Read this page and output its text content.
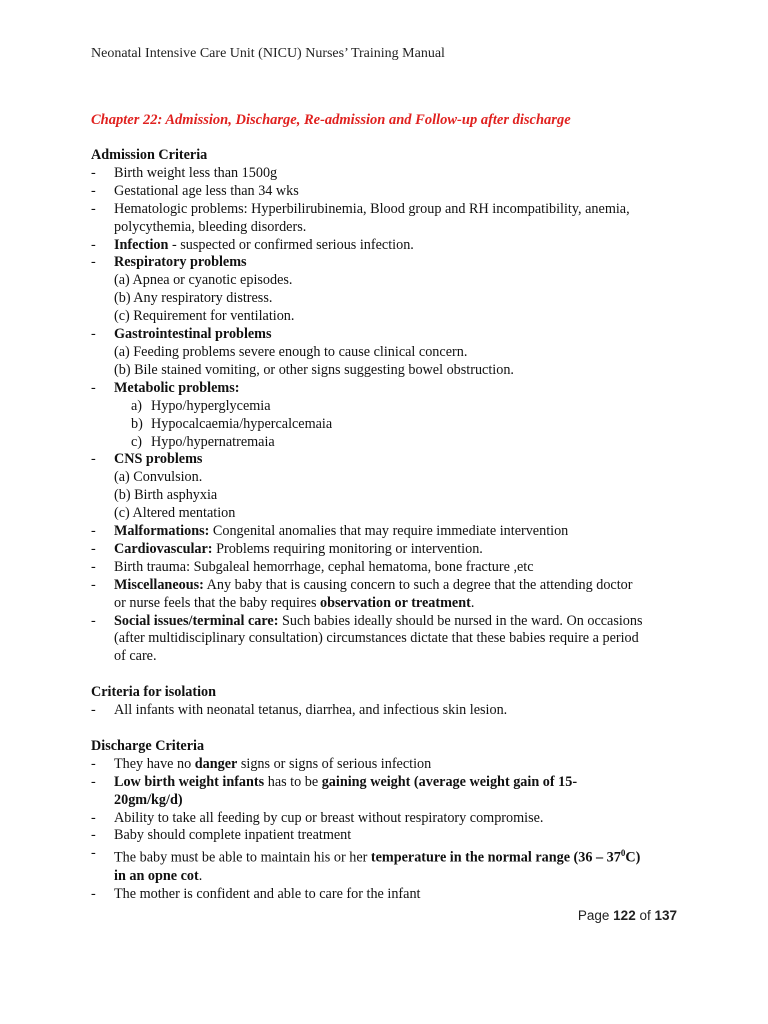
Neonatal Intensive Care Unit (NICU) Nurses’ Training Manual
Chapter 22: Admission, Discharge, Re-admission and Follow-up after discharge
Admission Criteria
- Birth weight less than 1500g
- Gestational age less than 34 wks
- Hematologic problems: Hyperbilirubinemia, Blood group and RH incompatibility, anemia,
polycythemia, bleeding disorders.
- Infection - suspected or confirmed serious infection.
- Respiratory problems
(a) Apnea or cyanotic episodes.
(b) Any respiratory distress.
(c) Requirement for ventilation.
- Gastrointestinal problems
(a) Feeding problems severe enough to cause clinical concern.
(b) Bile stained vomiting, or other signs suggesting bowel obstruction.
- Metabolic problems:
a) Hypo/hyperglycemia
b) Hypocalcaemia/hypercalcemaia
c) Hypo/hypernatremaia
- CNS problems
(a) Convulsion.
(b) Birth asphyxia
(c) Altered mentation
- Malformations: Congenital anomalies that may require immediate intervention
- Cardiovascular: Problems requiring monitoring or intervention.
- Birth trauma: Subgaleal hemorrhage, cephal hematoma, bone fracture ,etc
- Miscellaneous: Any baby that is causing concern to such a degree that the attending doctor
or nurse feels that the baby requires observation or treatment.
- Social issues/terminal care: Such babies ideally should be nursed in the ward. On occasions
(after multidisciplinary consultation) circumstances dictate that these babies require a period
of care.
Criteria for isolation
- All infants with neonatal tetanus, diarrhea, and infectious skin lesion.
Discharge Criteria
- They have no danger signs or signs of serious infection
- Low birth weight infants has to be gaining weight (average weight gain of 15-
20gm/kg/d)
- Ability to take all feeding by cup or breast without respiratory compromise.
- Baby should complete inpatient treatment
- The baby must be able to maintain his or her temperature in the normal range $(36 - 37^0C)$
in an opne cot.
- The mother is confident and able to care for the infant
Page 122 of 137
